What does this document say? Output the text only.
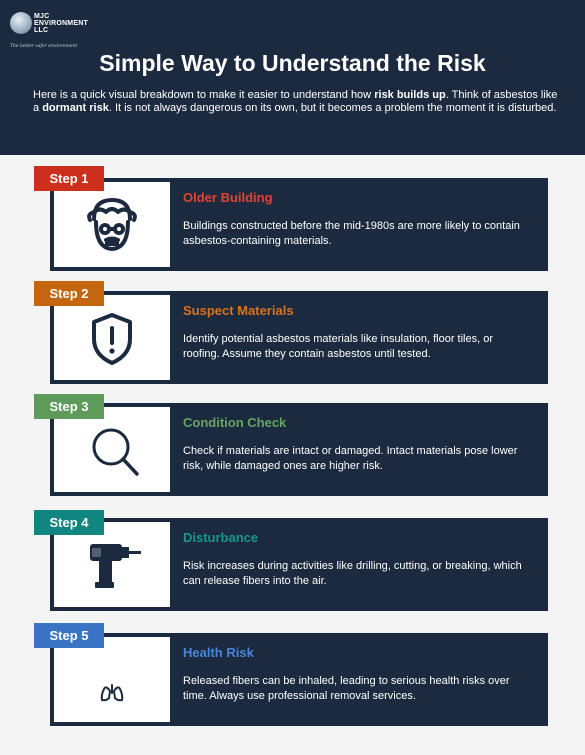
MJC
ENVIRONMENT
LLC
The better safer environment
Simple Way to Understand the Risk

Here is a quick visual breakdown to make it easier to understand how risk builds up. Think of asbestos like a dormant risk. It is not always dangerous on its own, but it becomes a problem the moment it is disturbed.

Older Building
Buildings constructed before the mid-1980s are more likely to contain asbestos-containing materials.
Step 1
Suspect Materials
Identify potential asbestos materials like insulation, floor tiles, or roofing. Assume they contain asbestos until tested.
Step 2
Condition Check
Check if materials are intact or damaged. Intact materials pose lower risk, while damaged ones are higher risk.
Step 3
Disturbance
Risk increases during activities like drilling, cutting, or breaking, which can release fibers into the air.
Step 4
Health Risk
Released fibers can be inhaled, leading to serious health risks over time. Always use professional removal services.
Step 5
